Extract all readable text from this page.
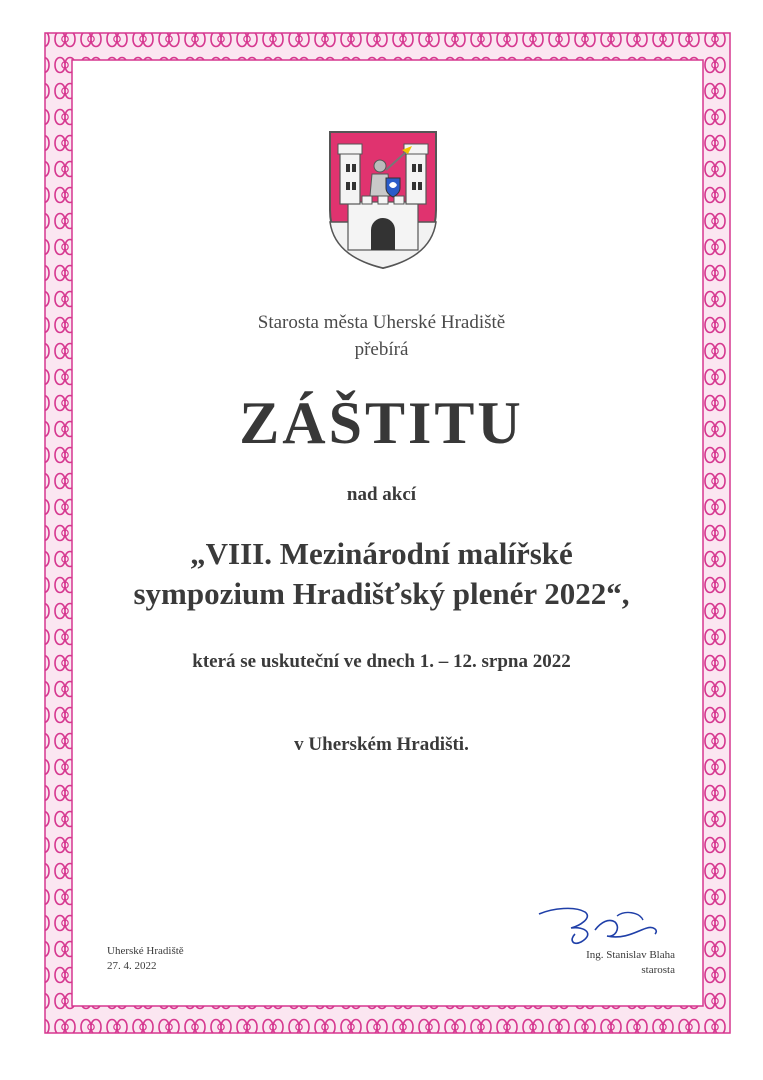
Starosta města Uherské Hradiště
přebírá
ZÁŠTITU
nad akcí
„VIII. Mezinárodní malířské
sympozium Hradišťský plenér 2022“,
která se uskuteční ve dnech 1. – 12. srpna 2022
v Uherském Hradišti.
Uherské Hradiště
27. 4. 2022
Ing. Stanislav Blaha
starosta
